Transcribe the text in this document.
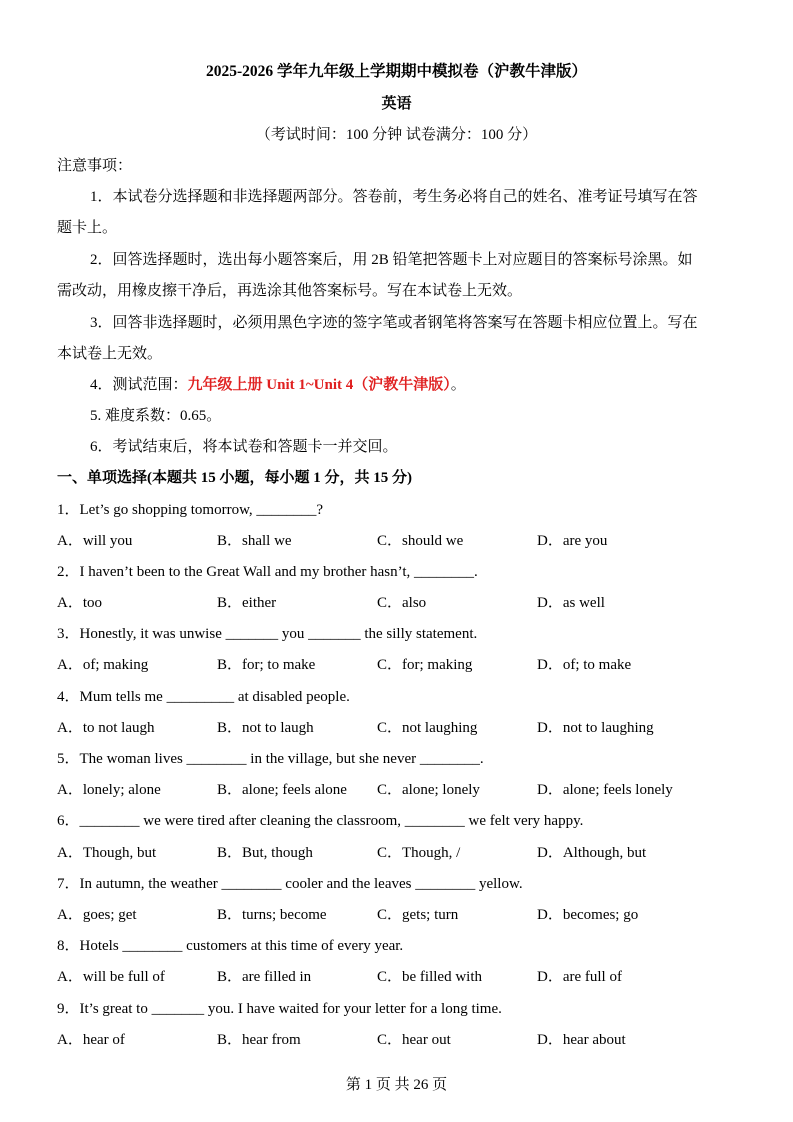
2025-2026 学年九年级上学期期中模拟卷（沪教牛津版）
英语
（考试时间：100 分钟 试卷满分：100 分）
注意事项：
1．本试卷分选择题和非选择题两部分。答卷前，考生务必将自己的姓名、准考证号填写在答
题卡上。
2．回答选择题时，选出每小题答案后，用 2B 铅笔把答题卡上对应题目的答案标号涂黑。如
需改动，用橡皮擦干净后，再选涂其他答案标号。写在本试卷上无效。
3．回答非选择题时，必须用黑色字迹的签字笔或者钢笔将答案写在答题卡相应位置上。写在
本试卷上无效。
4．测试范围：九年级上册 Unit 1~Unit 4（沪教牛津版）。
5. 难度系数：0.65。
6．考试结束后，将本试卷和答题卡一并交回。
一、单项选择(本题共 15 小题，每小题 1 分，共 15 分)
1．Let’s go shopping tomorrow, ________?
A．will you	B．shall we	C．should we	D．are you
2．I haven’t been to the Great Wall and my brother hasn’t, ________.
A．too	B．either	C．also	D．as well
3．Honestly, it was unwise _______ you _______ the silly statement.
A．of; making	B．for; to make	C．for; making	D．of; to make
4．Mum tells me _________ at disabled people.
A．to not laugh	B．not to laugh	C．not laughing	D．not to laughing
5．The woman lives ________ in the village, but she never ________.
A．lonely; alone	B．alone; feels alone C．alone; lonely	D．alone; feels lonely
6．________ we were tired after cleaning the classroom, ________ we felt very happy.
A．Though, but	B．But, though	C．Though, /	D．Although, but
7．In autumn, the weather ________ cooler and the leaves ________ yellow.
A．goes; get	B．turns; become	C．gets; turn	D．becomes; go
8．Hotels ________ customers at this time of every year.
A．will be full of	B．are filled in	C．be filled with	D．are full of
9．It’s great to _______ you. I have waited for your letter for a long time.
A．hear of	B．hear from	C．hear out	D．hear about
第 1 页 共 26 页
